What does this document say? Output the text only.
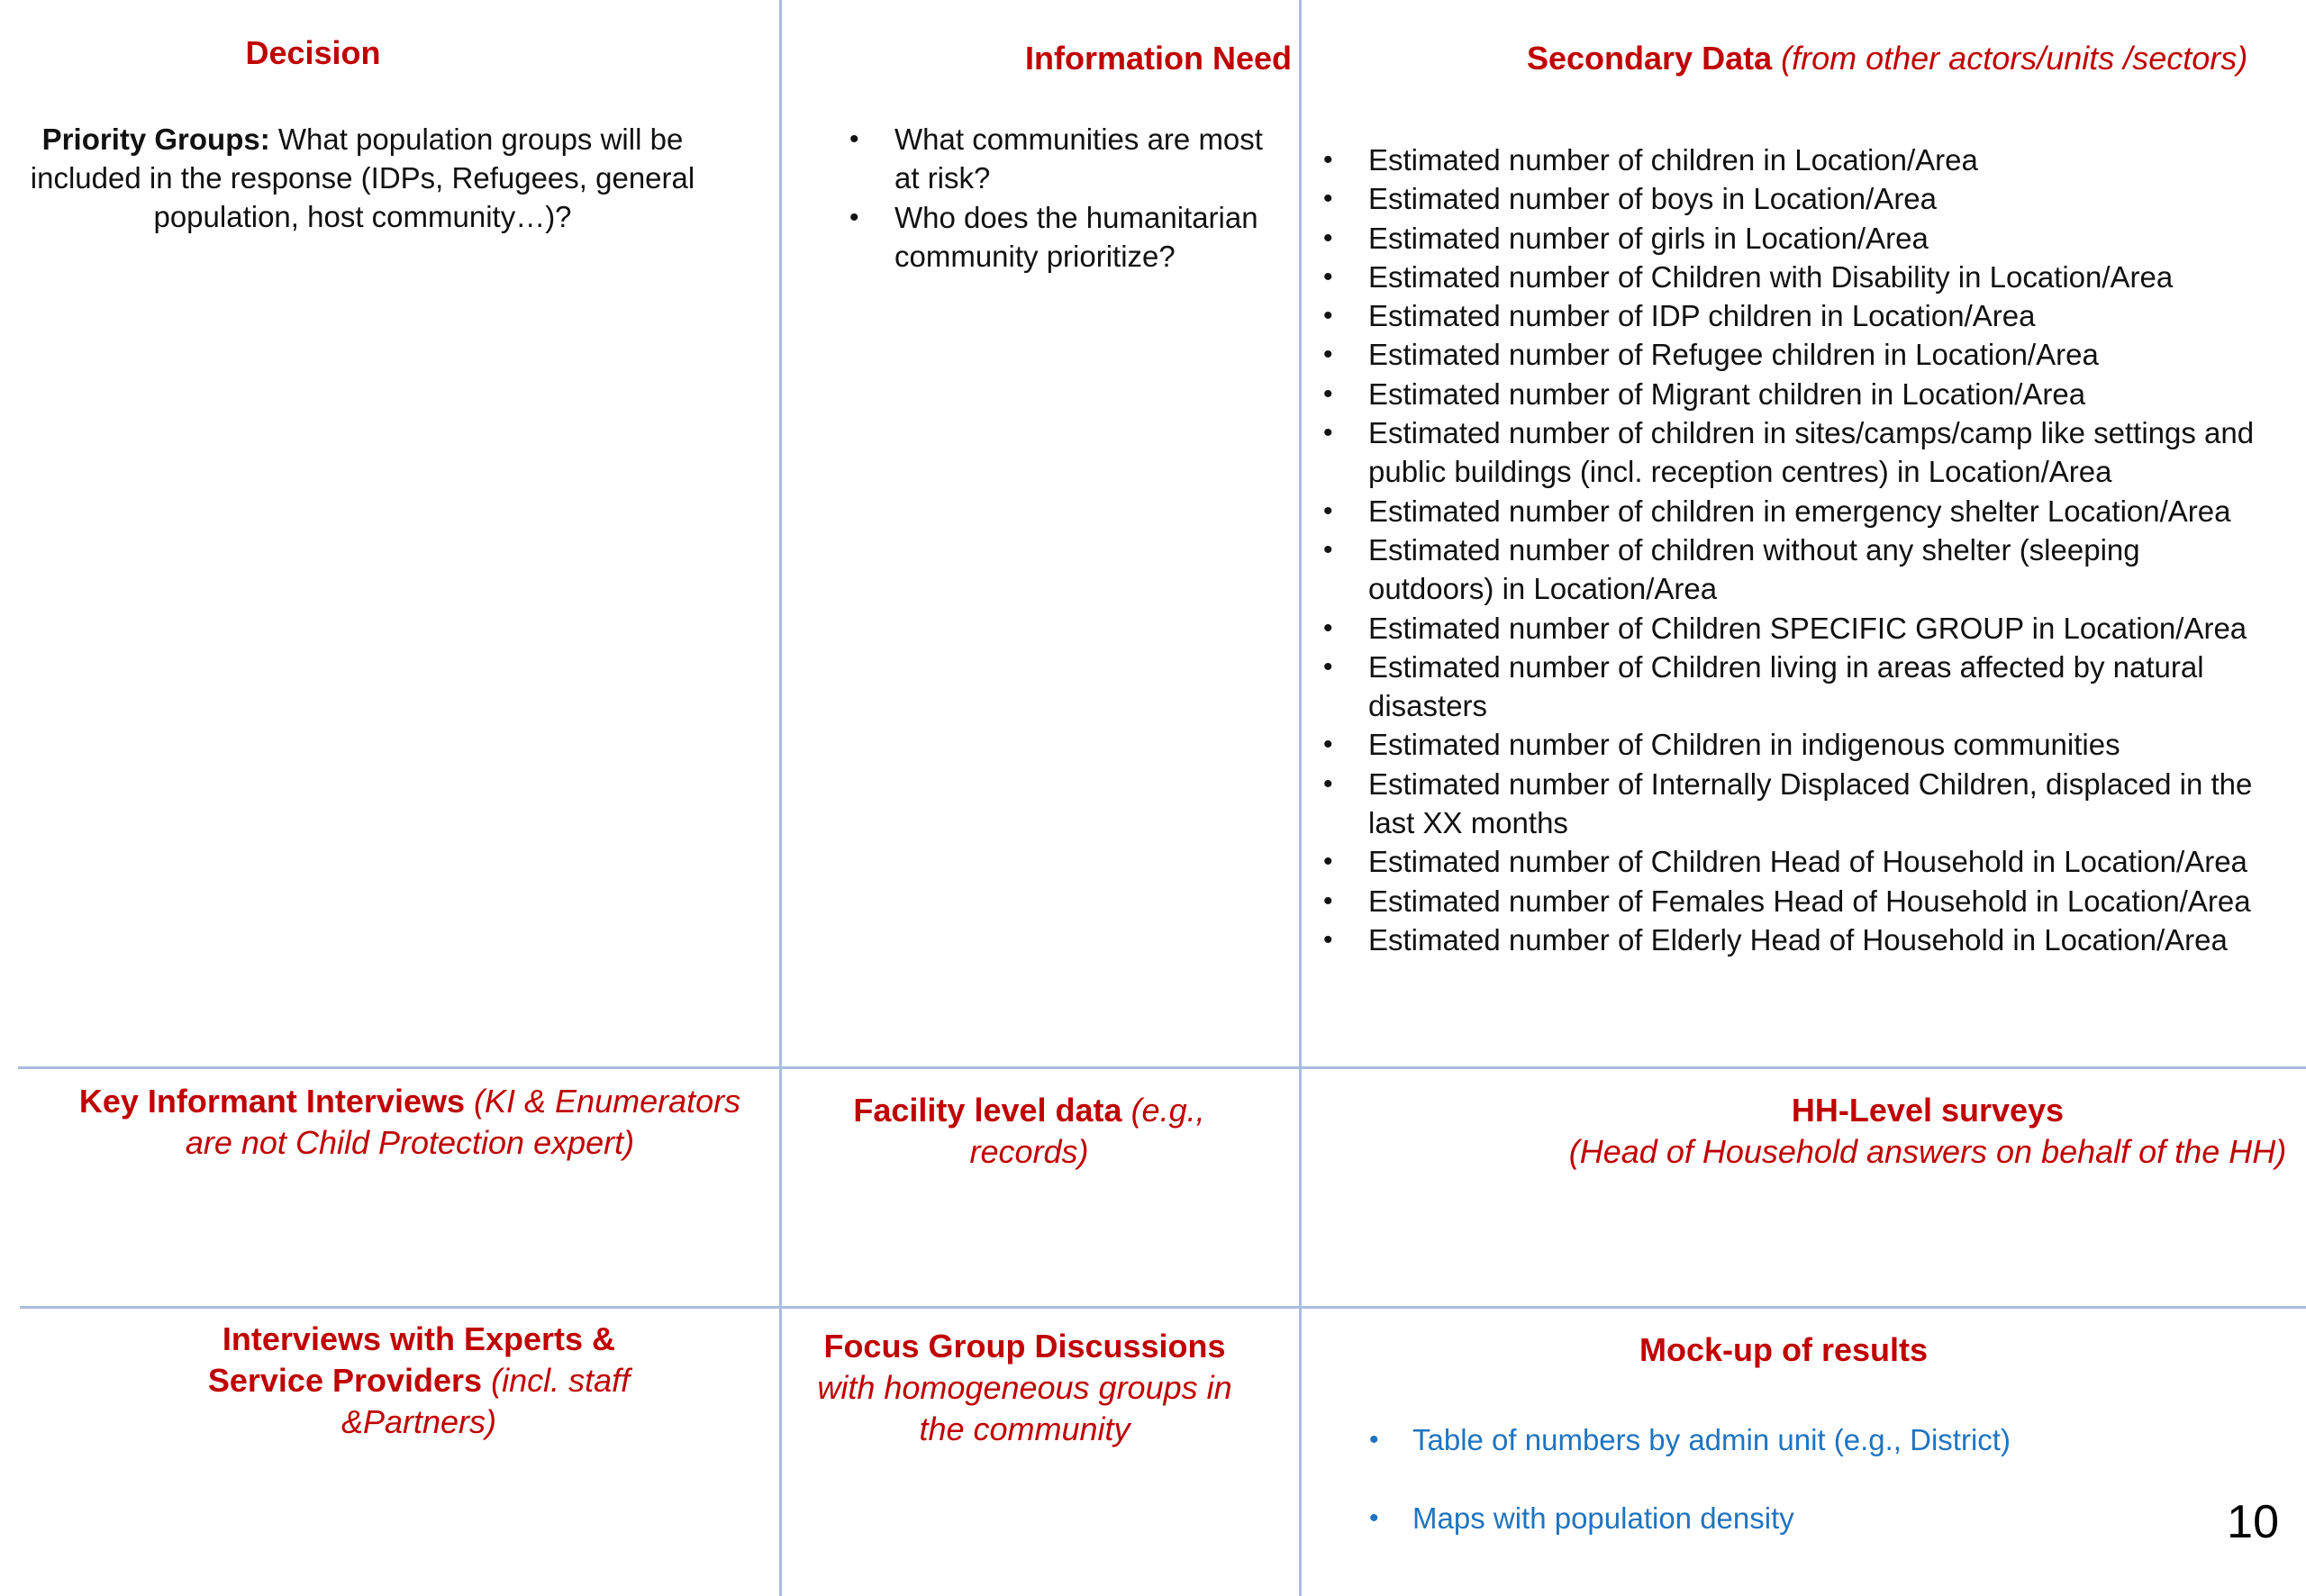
Decision
Priority Groups: What population groups will be included in the response (IDPs, Refugees, general population, host community…)?
Information Need
• What communities are most at risk?
• Who does the humanitarian community prioritize?
Secondary Data (from other actors/units /sectors)
• Estimated number of children in Location/Area
• Estimated number of boys in Location/Area
• Estimated number of girls in Location/Area
• Estimated number of Children with Disability in Location/Area
• Estimated number of IDP children in Location/Area
• Estimated number of Refugee children in Location/Area
• Estimated number of Migrant children in Location/Area
• Estimated number of children in sites/camps/camp like settings and public buildings (incl. reception centres) in Location/Area
• Estimated number of children in emergency shelter Location/Area
• Estimated number of children without any shelter (sleeping outdoors) in Location/Area
• Estimated number of Children SPECIFIC GROUP in Location/Area
• Estimated number of Children living in areas affected by natural disasters
• Estimated number of Children in indigenous communities
• Estimated number of Internally Displaced Children, displaced in the last XX months
• Estimated number of Children Head of Household in Location/Area
• Estimated number of Females Head of Household in Location/Area
• Estimated number of Elderly Head of Household in Location/Area
Key Informant Interviews (KI & Enumerators are not Child Protection expert)
Facility level data (e.g., records)
HH-Level surveys
(Head of Household answers on behalf of the HH)
Interviews with Experts & Service Providers (incl. staff &Partners)
Focus Group Discussions with homogeneous groups in the community
Mock-up of results
• Table of numbers by admin unit (e.g., District)
• Maps with population density	10
